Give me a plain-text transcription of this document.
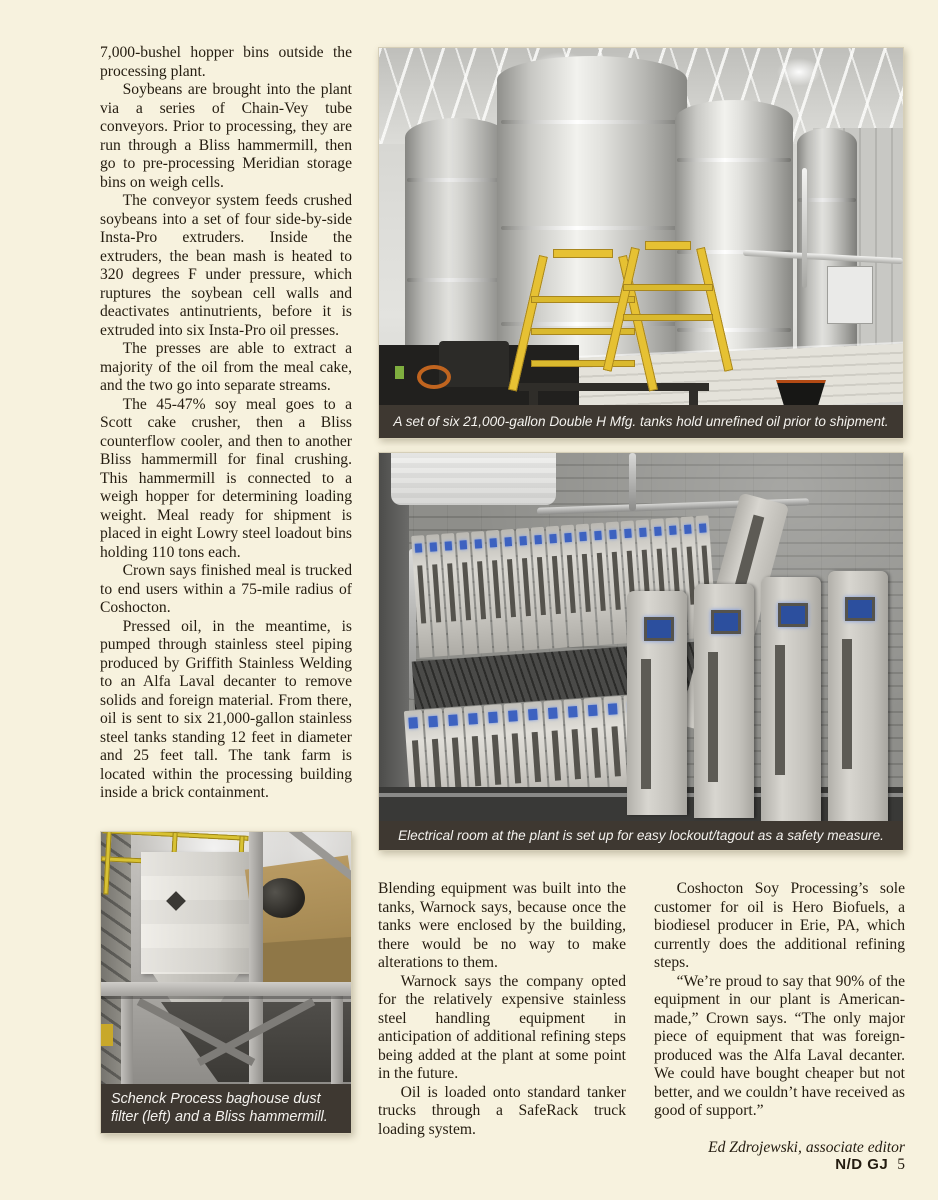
7,000-bushel hopper bins outside the processing plant.

Soybeans are brought into the plant via a series of Chain-Vey tube conveyors. Prior to processing, they are run through a Bliss hammermill, then go to pre-processing Meridian storage bins on weigh cells.

The conveyor system feeds crushed soybeans into a set of four side-by-side Insta-Pro extruders. Inside the extruders, the bean mash is heated to 320 degrees F under pressure, which ruptures the soybean cell walls and deactivates antinutrients, before it is extruded into six Insta-Pro oil presses.

The presses are able to extract a majority of the oil from the meal cake, and the two go into separate streams.

The 45-47% soy meal goes to a Scott cake crusher, then a Bliss counterflow cooler, and then to another Bliss hammermill for final crushing. This hammermill is connected to a weigh hopper for determining loading weight. Meal ready for shipment is placed in eight Lowry steel loadout bins holding 110 tons each.

Crown says finished meal is trucked to end users within a 75-mile radius of Coshocton.

Pressed oil, in the meantime, is pumped through stainless steel piping produced by Griffith Stainless Welding to an Alfa Laval decanter to remove solids and foreign material. From there, oil is sent to six 21,000-gallon stainless steel tanks standing 12 feet in diameter and 25 feet tall. The tank farm is located within the processing building inside a brick containment.

A set of six 21,000-gallon Double H Mfg. tanks hold unrefined oil prior to shipment.
Electrical room at the plant is set up for easy lockout/tagout as a safety measure.
Schenck Process baghouse dust filter (left) and a Bliss hammermill.

Blending equipment was built into the tanks, Warnock says, because once the tanks were enclosed by the building, there would be no way to make alterations to them.

Warnock says the company opted for the relatively expensive stainless steel handling equipment in anticipation of additional refining steps being added at the plant at some point in the future.

Oil is loaded onto standard tanker trucks through a SafeRack truck loading system.

Coshocton Soy Processing’s sole customer for oil is Hero Biofuels, a biodiesel producer in Erie, PA, which currently does the additional refining steps.

“We’re proud to say that 90% of the equipment in our plant is American-made,” Crown says. “The only major piece of equipment that was foreign-produced was the Alfa Laval decanter. We could have bought cheaper but not better, and we couldn’t have received as good of support.”

Ed Zdrojewski, associate editor

N/D GJ 5
